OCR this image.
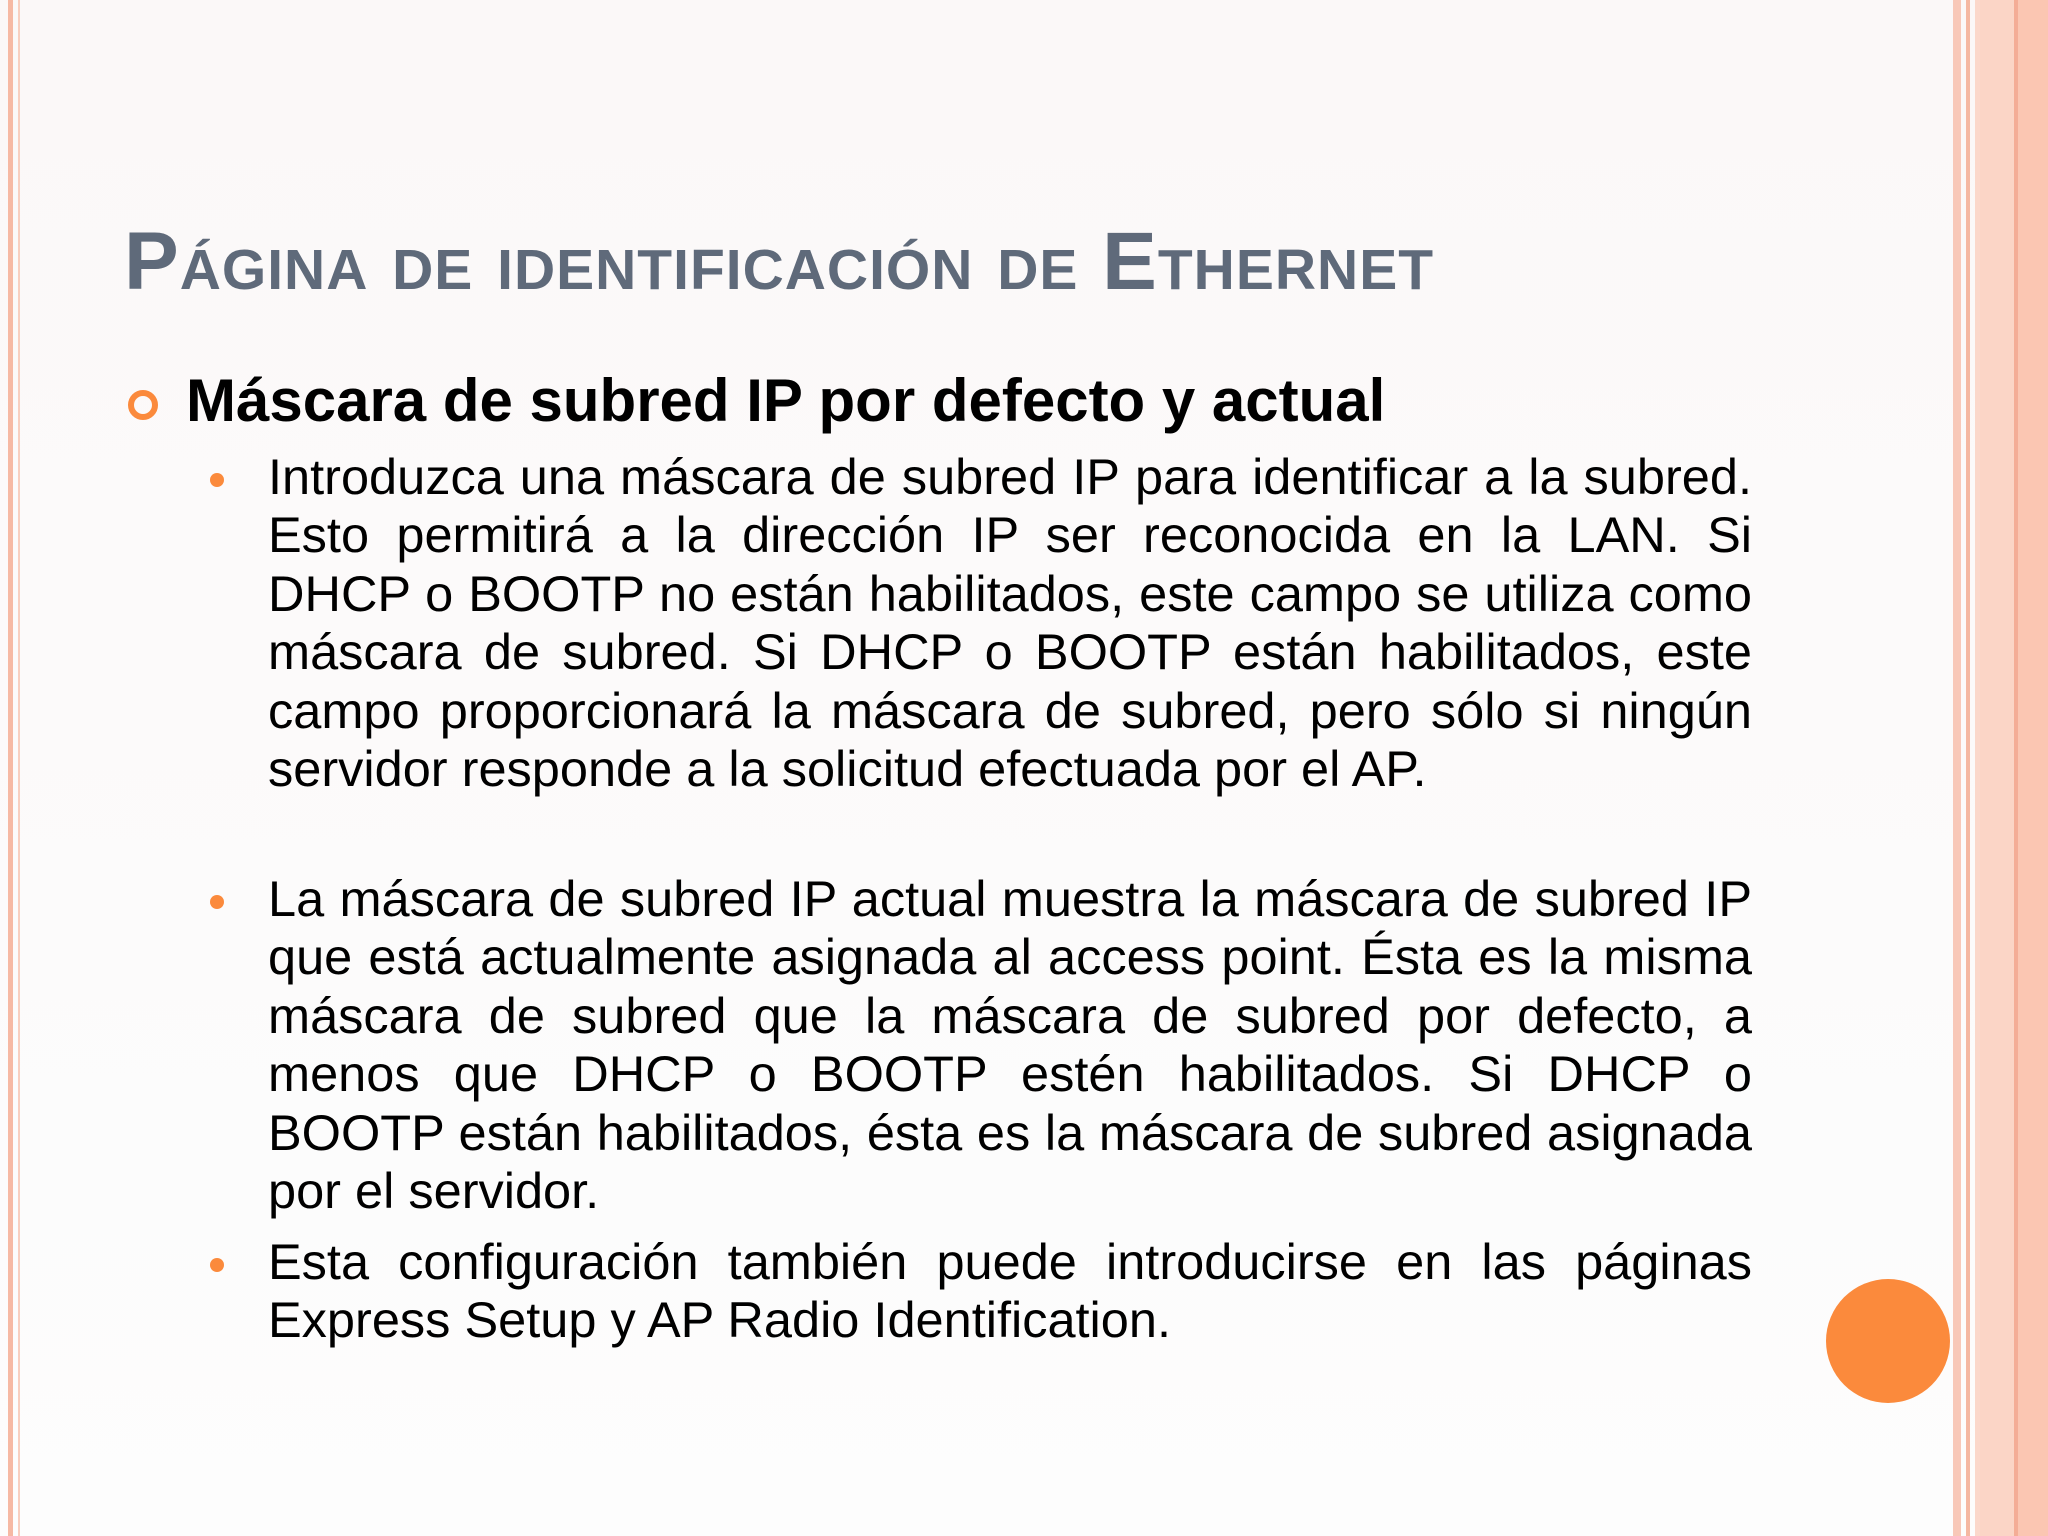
Página de identificación de Ethernet
Máscara de subred IP por defecto y actual
Introduzca una máscara de subred IP para identificar a la subred. Esto permitirá a la dirección IP ser reconocida en la LAN. Si DHCP o BOOTP no están habilitados, este campo se utiliza como máscara de subred. Si DHCP o BOOTP están habilitados, este campo proporcionará la máscara de subred, pero sólo si ningún servidor responde a la solicitud efectuada por el AP.
La máscara de subred IP actual muestra la máscara de subred IP que está actualmente asignada al access point. Ésta es la misma máscara de subred que la máscara de subred por defecto, a menos que DHCP o BOOTP estén habilitados. Si DHCP o BOOTP están habilitados, ésta es la máscara de subred asignada por el servidor.
Esta configuración también puede introducirse en las páginas Express Setup y AP Radio Identification.
